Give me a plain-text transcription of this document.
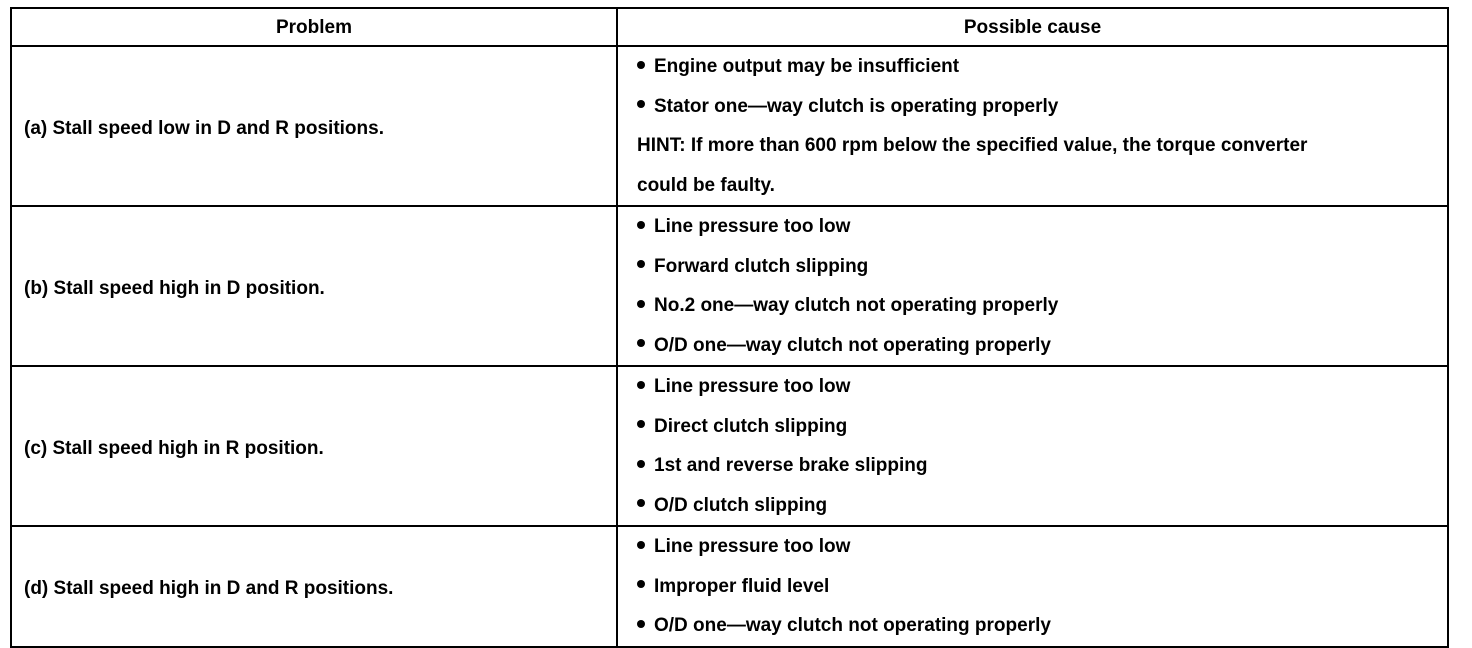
Problem	Possible cause
(a) Stall speed low in D and R positions.	Engine output may be insufficient
Stator one—way clutch is operating properly
HINT: If more than 600 rpm below the specified value, the torque converter
could be faulty.

(b) Stall speed high in D position.	Line pressure too low
Forward clutch slipping
No.2 one—way clutch not operating properly
O/D one—way clutch not operating properly

(c) Stall speed high in R position.	Line pressure too low
Direct clutch slipping
1st and reverse brake slipping
O/D clutch slipping

(d) Stall speed high in D and R positions.	Line pressure too low
Improper fluid level
O/D one—way clutch not operating properly
